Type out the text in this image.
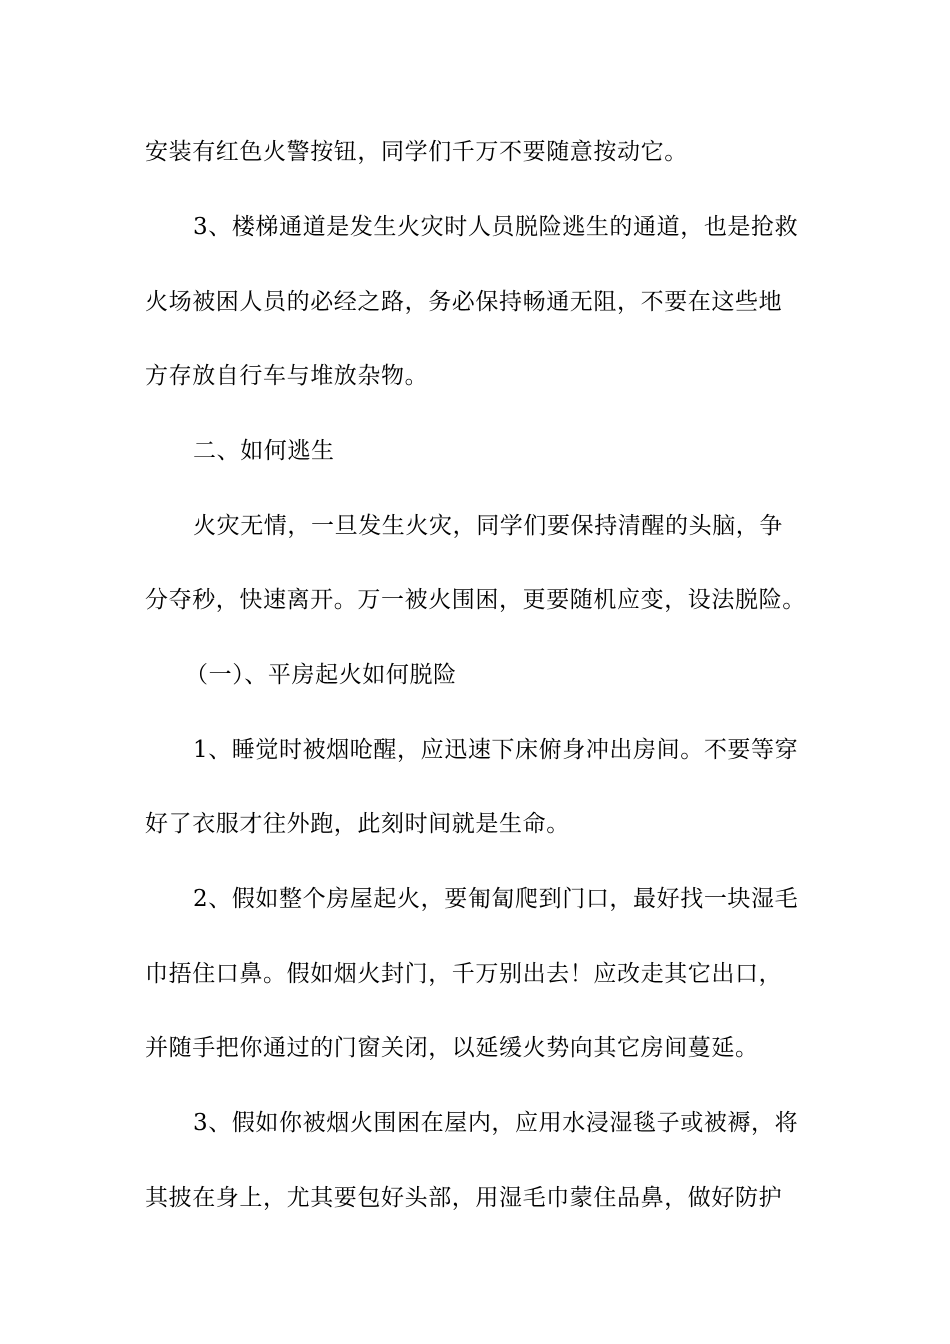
安装有红色火警按钮，同学们千万不要随意按动它。

3、楼梯通道是发生火灾时人员脱险逃生的通道，也是抢救

火场被困人员的必经之路，务必保持畅通无阻，不要在这些地

方存放自行车与堆放杂物。

二、如何逃生

火灾无情，一旦发生火灾，同学们要保持清醒的头脑，争

分夺秒，快速离开。万一被火围困，更要随机应变，设法脱险。

（一）、平房起火如何脱险

1、睡觉时被烟呛醒，应迅速下床俯身冲出房间。不要等穿

好了衣服才往外跑，此刻时间就是生命。

2、假如整个房屋起火，要匍匐爬到门口，最好找一块湿毛

巾捂住口鼻。假如烟火封门，千万别出去！应改走其它出口，

并随手把你通过的门窗关闭，以延缓火势向其它房间蔓延。

3、假如你被烟火围困在屋内，应用水浸湿毯子或被褥，将

其披在身上，尤其要包好头部，用湿毛巾蒙住品鼻，做好防护
